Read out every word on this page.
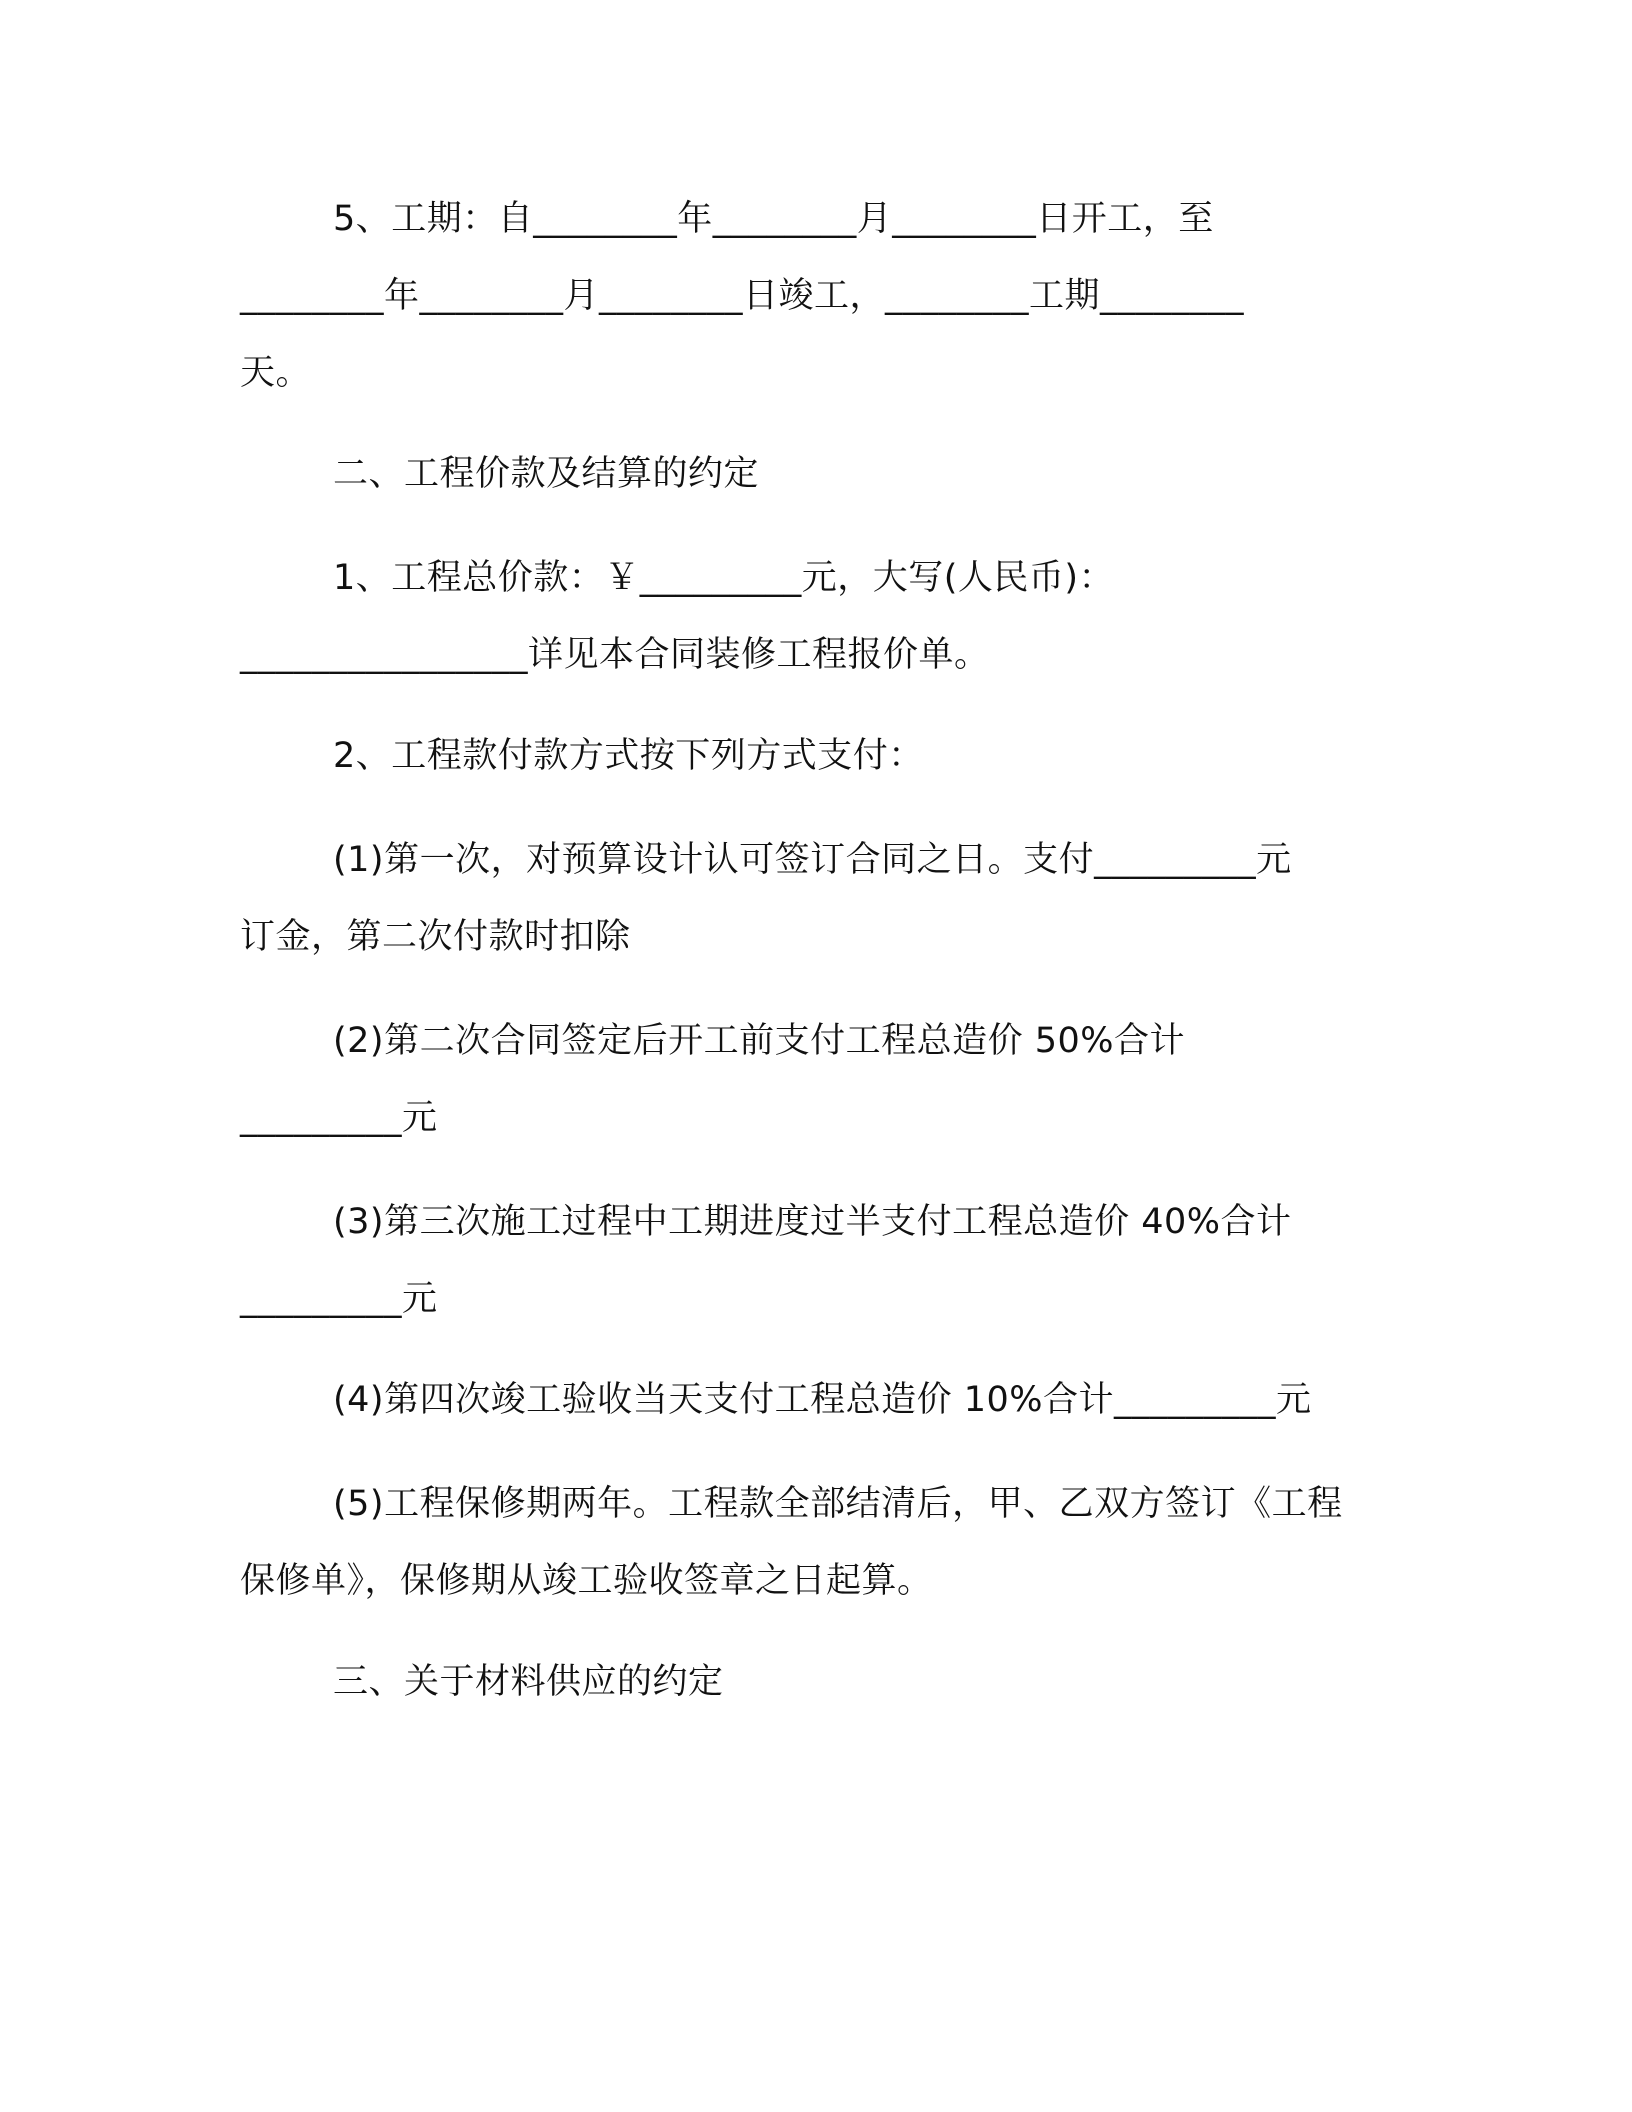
5、工期：自________年________月________日开工，至
________年________月________日竣工，________工期________
天。
二、工程价款及结算的约定
1、工程总价款：￥_________元，大写(人民币)：
________________详见本合同装修工程报价单。
2、工程款付款方式按下列方式支付：
(1)第一次，对预算设计认可签订合同之日。支付_________元
订金，第二次付款时扣除
(2)第二次合同签定后开工前支付工程总造价 50%合计
_________元
(3)第三次施工过程中工期进度过半支付工程总造价 40%合计
_________元
(4)第四次竣工验收当天支付工程总造价 10%合计_________元
(5)工程保修期两年。工程款全部结清后，甲、乙双方签订《工程
保修单》，保修期从竣工验收签章之日起算。
三、关于材料供应的约定
